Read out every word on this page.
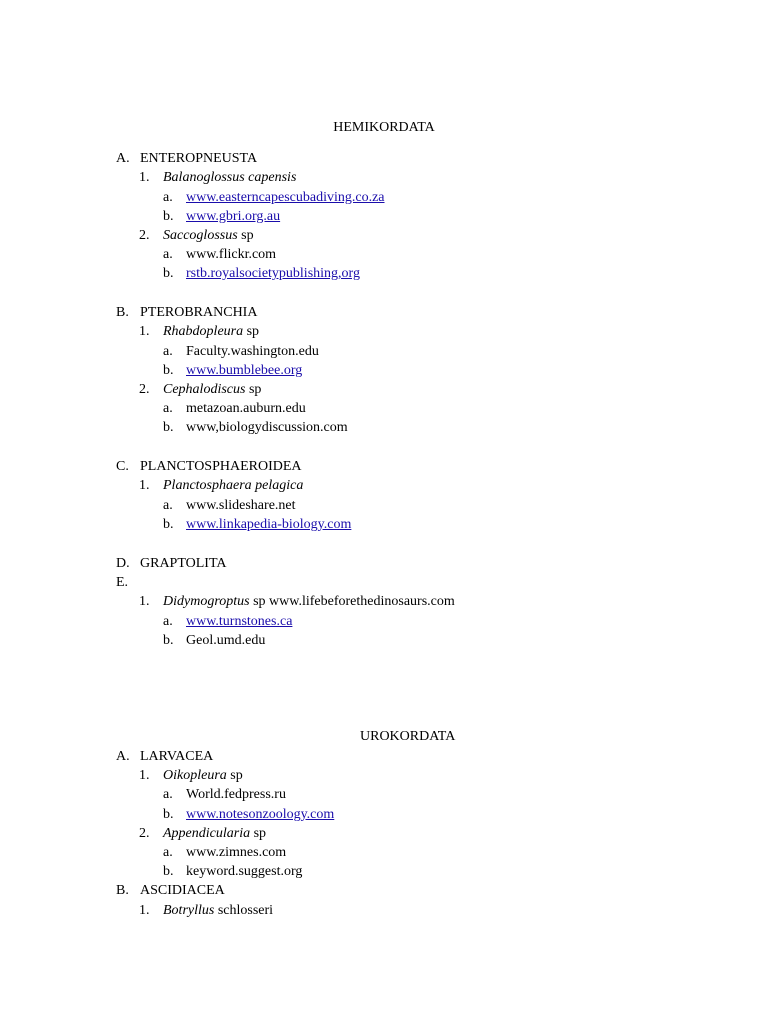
HEMIKORDATA
A. ENTEROPNEUSTA
1. Balanoglossus capensis
a. www.easterncapescubadiving.co.za
b. www.gbri.org.au
2. Saccoglossus sp
a. www.flickr.com
b. rstb.royalsocietypublishing,org
B. PTEROBRANCHIA
1. Rhabdopleura sp
a. Faculty.washington.edu
b. www.bumblebee.org
2. Cephalodiscus sp
a. metazoan.auburn.edu
b. www,biologydiscussion.com
C. PLANCTOSPHAEROIDEA
1. Planctosphaera pelagica
a. www.slideshare.net
b. www.linkapedia-biology.com
D. GRAPTOLITA
E.
1. Didymogroptus sp www.lifebeforethedinosaurs.com
a. www.turnstones.ca
b. Geol.umd.edu
UROKORDATA
A. LARVACEA
1. Oikopleura sp
a. World.fedpress.ru
b. www.notesonzoology.com
2. Appendicularia sp
a. www.zimnes.com
b. keyword.suggest.org
B. ASCIDIACEA
1. Botryllus schlosseri
